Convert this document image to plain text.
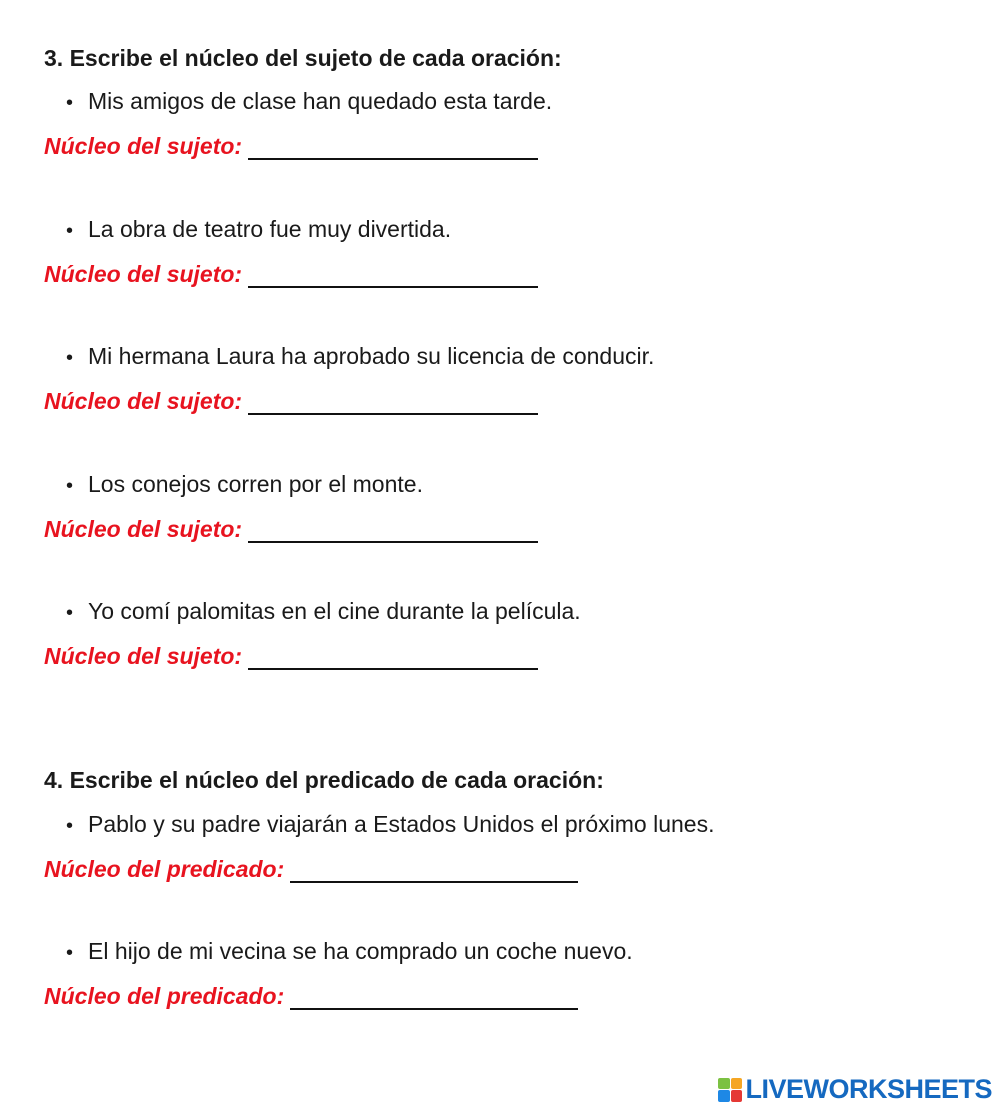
3. Escribe el núcleo del sujeto de cada oración:

• Mis amigos de clase han quedado esta tarde.

Núcleo del sujeto:

• La obra de teatro fue muy divertida.

Núcleo del sujeto:

• Mi hermana Laura ha aprobado su licencia de conducir.

Núcleo del sujeto:

• Los conejos corren por el monte.

Núcleo del sujeto:

• Yo comí palomitas en el cine durante la película.

Núcleo del sujeto:
4. Escribe el núcleo del predicado de cada oración:

• Pablo y su padre viajarán a Estados Unidos el próximo lunes.

Núcleo del predicado:

• El hijo de mi vecina se ha comprado un coche nuevo.

Núcleo del predicado:
LIVEWORKSHEETS
